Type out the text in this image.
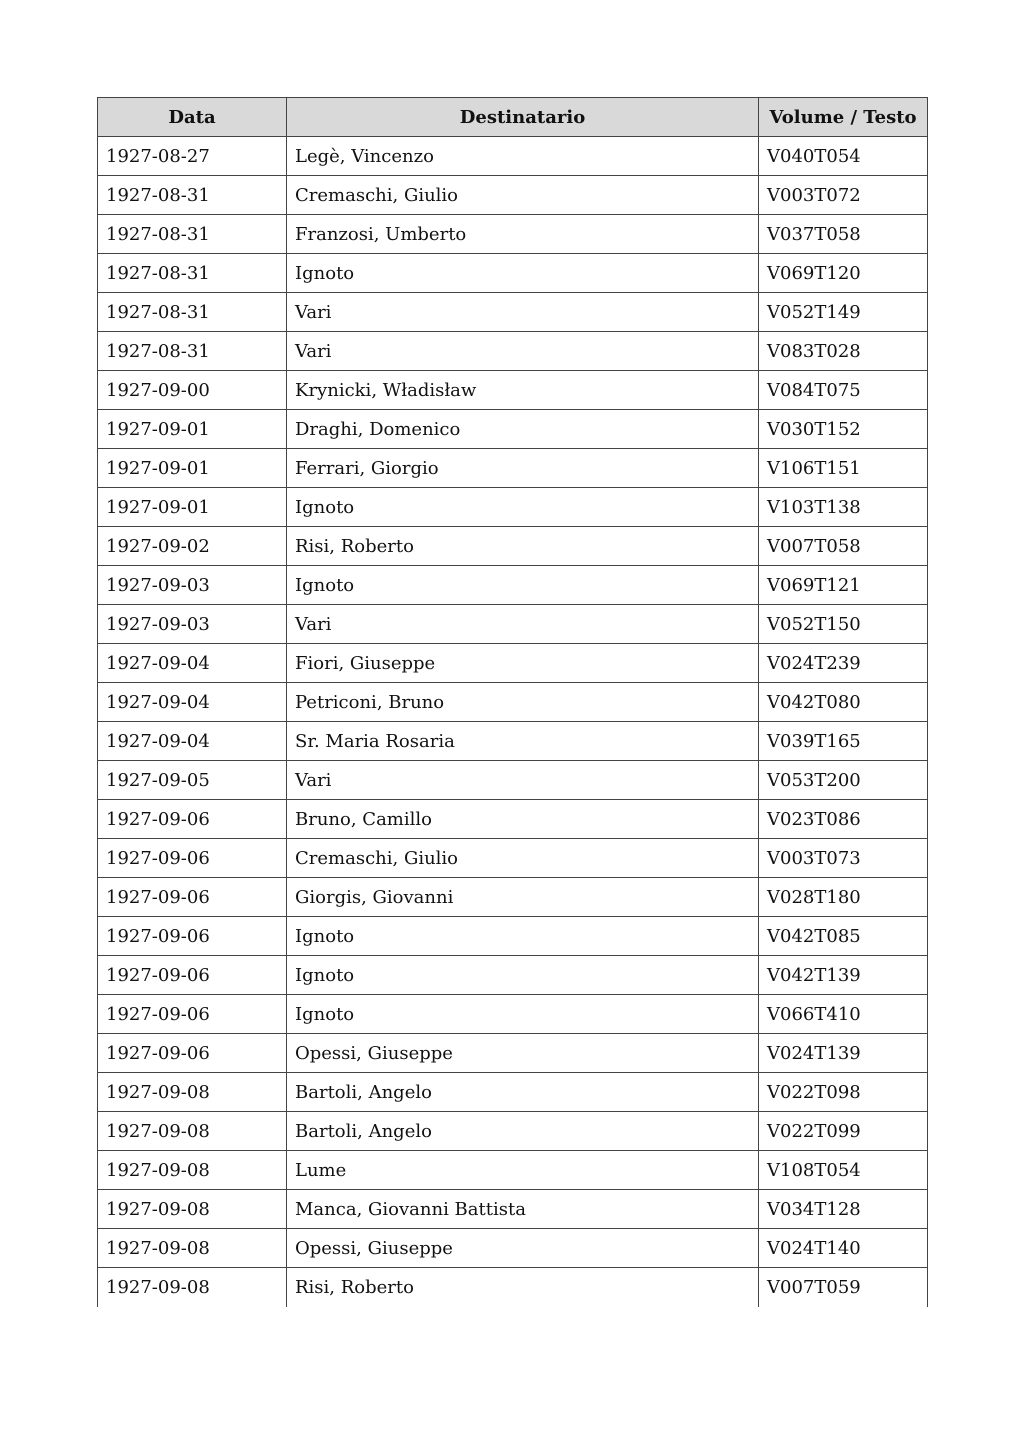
Data	Destinatario	Volume / Testo
1927-08-27	Legè, Vincenzo	V040T054
1927-08-31	Cremaschi, Giulio	V003T072
1927-08-31	Franzosi, Umberto	V037T058
1927-08-31	Ignoto	V069T120
1927-08-31	Vari	V052T149
1927-08-31	Vari	V083T028
1927-09-00	Krynicki, Władisław	V084T075
1927-09-01	Draghi, Domenico	V030T152
1927-09-01	Ferrari, Giorgio	V106T151
1927-09-01	Ignoto	V103T138
1927-09-02	Risi, Roberto	V007T058
1927-09-03	Ignoto	V069T121
1927-09-03	Vari	V052T150
1927-09-04	Fiori, Giuseppe	V024T239
1927-09-04	Petriconi, Bruno	V042T080
1927-09-04	Sr. Maria Rosaria	V039T165
1927-09-05	Vari	V053T200
1927-09-06	Bruno, Camillo	V023T086
1927-09-06	Cremaschi, Giulio	V003T073
1927-09-06	Giorgis, Giovanni	V028T180
1927-09-06	Ignoto	V042T085
1927-09-06	Ignoto	V042T139
1927-09-06	Ignoto	V066T410
1927-09-06	Opessi, Giuseppe	V024T139
1927-09-08	Bartoli, Angelo	V022T098
1927-09-08	Bartoli, Angelo	V022T099
1927-09-08	Lume	V108T054
1927-09-08	Manca, Giovanni Battista	V034T128
1927-09-08	Opessi, Giuseppe	V024T140
1927-09-08	Risi, Roberto	V007T059
